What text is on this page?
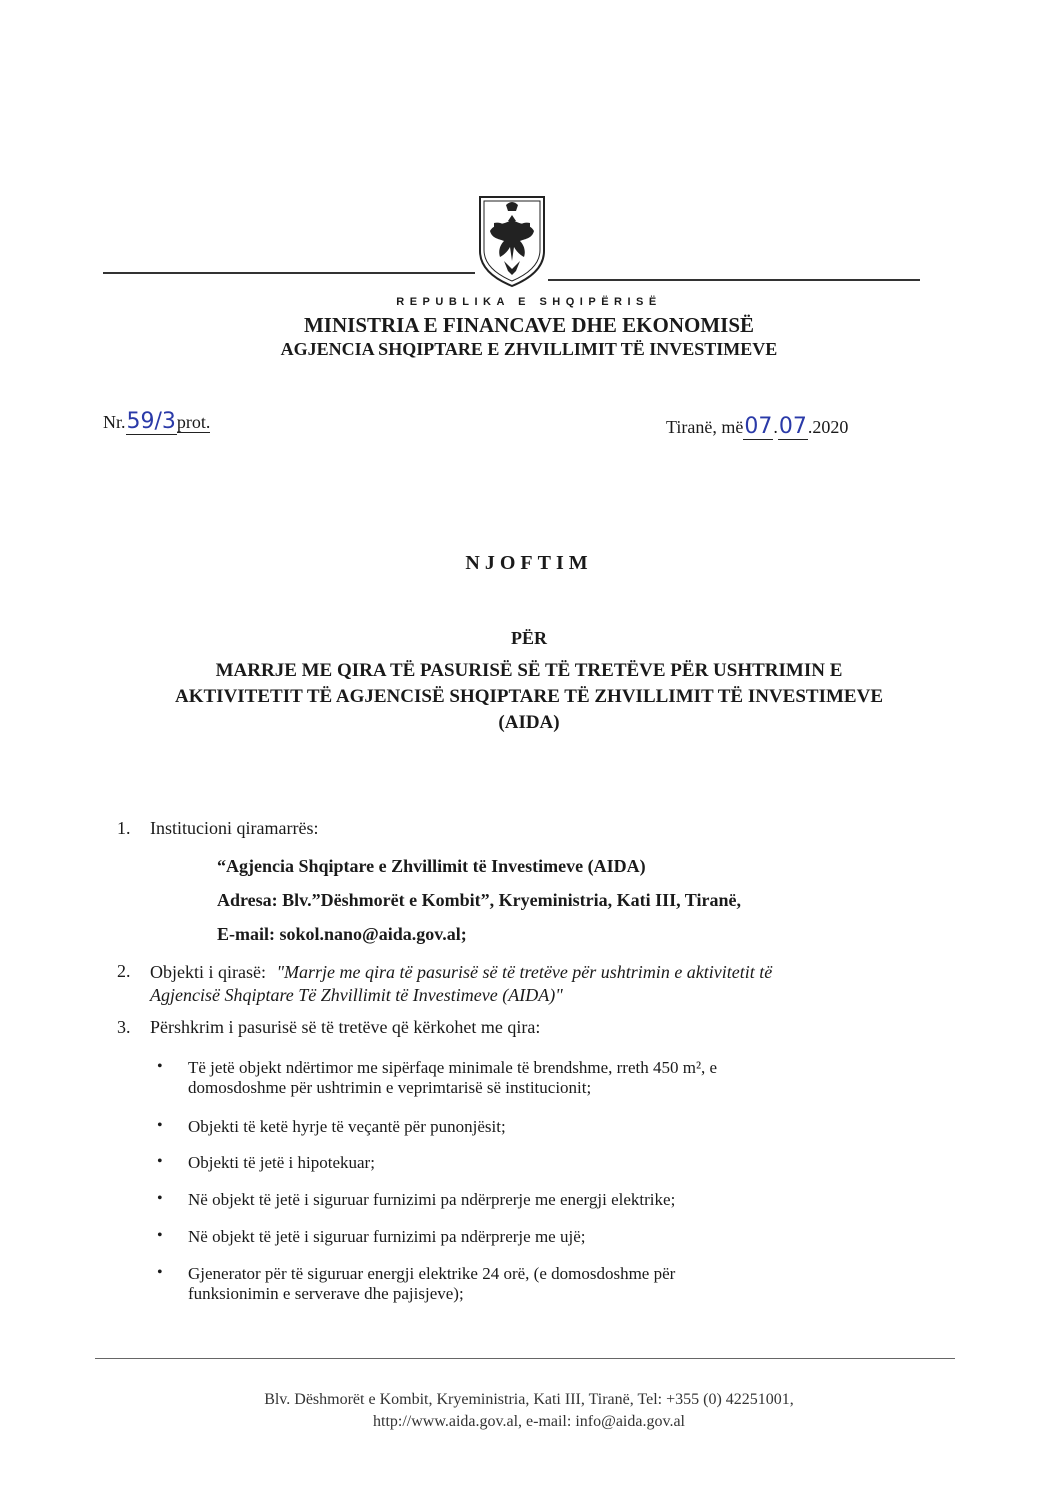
REPUBLIKA E SHQIPËRISË
MINISTRIA E FINANCAVE DHE EKONOMISË
AGJENCIA SHQIPTARE E ZHVILLIMIT TË INVESTIMEVE
Nr.59/3prot.	Tiranë, më07.07.2020
NJOFTIM
PËR
MARRJE ME QIRA TË PASURISË SË TË TRETËVE PËR USHTRIMIN E
AKTIVITETIT TË AGJENCISË SHQIPTARE TË ZHVILLIMIT TË INVESTIMEVE
(AIDA)
1. Institucioni qiramarrës:
“Agjencia Shqiptare e Zhvillimit të Investimeve (AIDA)
Adresa: Blv.”Dëshmorët e Kombit”, Kryeministria, Kati III, Tiranë,
E-mail: sokol.nano@aida.gov.al;
2. Objekti i qirasë: "Marrje me qira të pasurisë së të tretëve për ushtrimin e aktivitetit të
Agjencisë Shqiptare Të Zhvillimit të Investimeve (AIDA)"
3. Përshkrim i pasurisë së të tretëve që kërkohet me qira:
• Të jetë objekt ndërtimor me sipërfaqe minimale të brendshme, rreth 450 m², e
domosdoshme për ushtrimin e veprimtarisë së institucionit;
• Objekti të ketë hyrje të veçantë për punonjësit;
• Objekti të jetë i hipotekuar;
• Në objekt të jetë i siguruar furnizimi pa ndërprerje me energji elektrike;
• Në objekt të jetë i siguruar furnizimi pa ndërprerje me ujë;
• Gjenerator për të siguruar energji elektrike 24 orë, (e domosdoshme për
funksionimin e serverave dhe pajisjeve);
Blv. Dëshmorët e Kombit, Kryeministria, Kati III, Tiranë, Tel: +355 (0) 42251001,
http://www.aida.gov.al, e-mail: info@aida.gov.al
